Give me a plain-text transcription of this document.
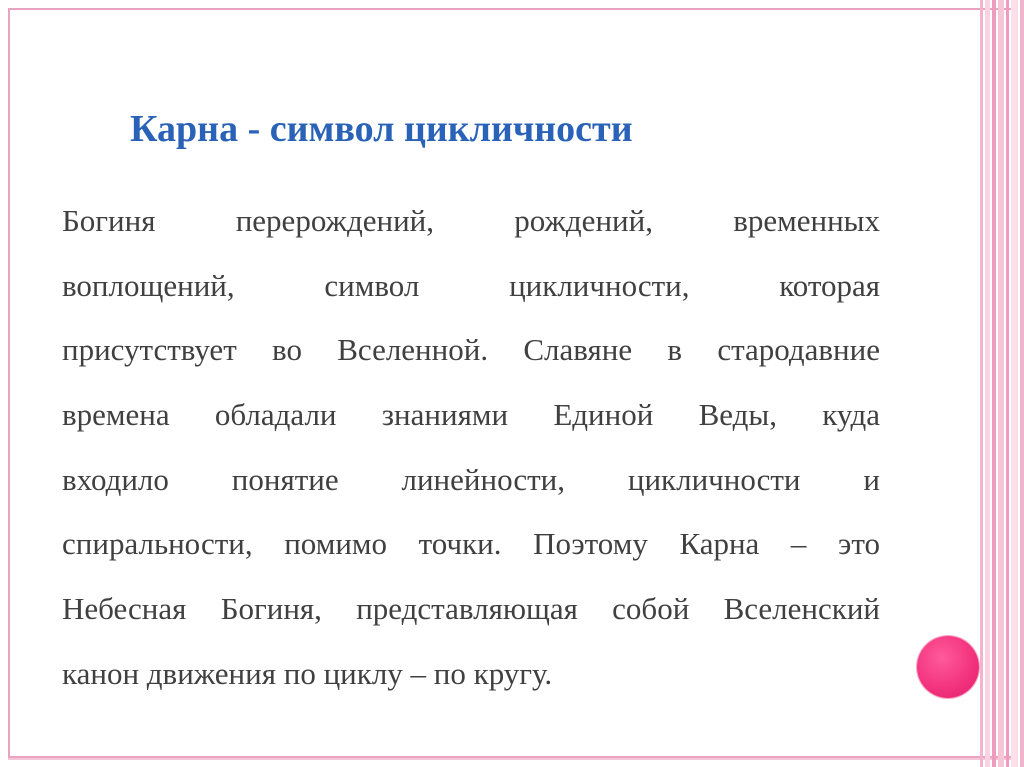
Карна - символ цикличности
Богиня перерождений, рождений, временных
воплощений, символ цикличности, которая
присутствует во Вселенной. Славяне в стародавние
времена обладали знаниями Единой Веды, куда
входило понятие линейности, цикличности и
спиральности, помимо точки. Поэтому Карна – это
Небесная Богиня, представляющая собой Вселенский
канон движения по циклу – по кругу.
